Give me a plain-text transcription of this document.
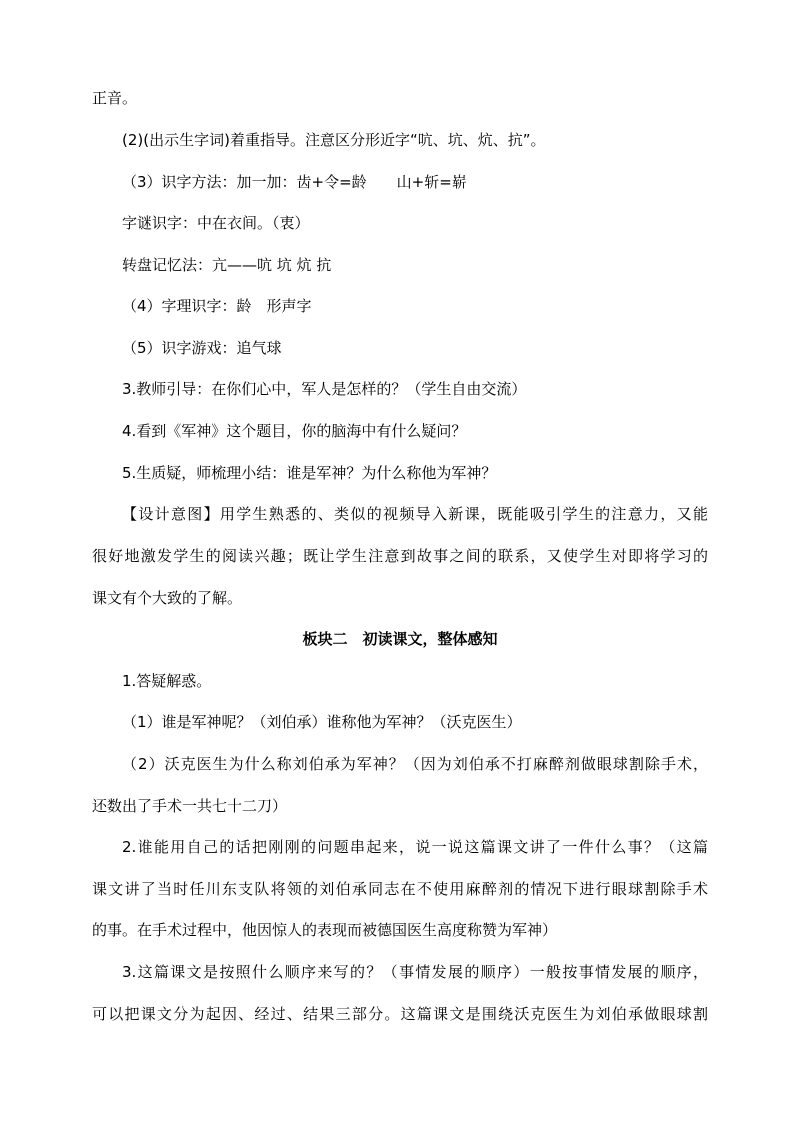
正音。
(2)(出示生字词)着重指导。注意区分形近字“吭、坑、炕、抗”。
（3）识字方法：加一加：齿+令=龄　　山+斩=崭
字谜识字：中在衣间。（衷）
转盘记忆法：亢——吭 坑 炕 抗
（4）字理识字：龄　形声字
（5）识字游戏：追气球
3.教师引导：在你们心中，军人是怎样的？（学生自由交流）
4.看到《军神》这个题目，你的脑海中有什么疑问？
5.生质疑，师梳理小结：谁是军神？为什么称他为军神？
【设计意图】用学生熟悉的、类似的视频导入新课，既能吸引学生的注意力，又能
很好地激发学生的阅读兴趣；既让学生注意到故事之间的联系，又使学生对即将学习的
课文有个大致的了解。
板块二　初读课文，整体感知
1.答疑解惑。
（1）谁是军神呢？（刘伯承）谁称他为军神？（沃克医生）
（2）沃克医生为什么称刘伯承为军神？（因为刘伯承不打麻醉剂做眼球割除手术，
还数出了手术一共七十二刀）
2.谁能用自己的话把刚刚的问题串起来，说一说这篇课文讲了一件什么事？（这篇
课文讲了当时任川东支队将领的刘伯承同志在不使用麻醉剂的情况下进行眼球割除手术
的事。在手术过程中，他因惊人的表现而被德国医生高度称赞为军神）
3.这篇课文是按照什么顺序来写的？（事情发展的顺序）一般按事情发展的顺序，
可以把课文分为起因、经过、结果三部分。这篇课文是围绕沃克医生为刘伯承做眼球割
